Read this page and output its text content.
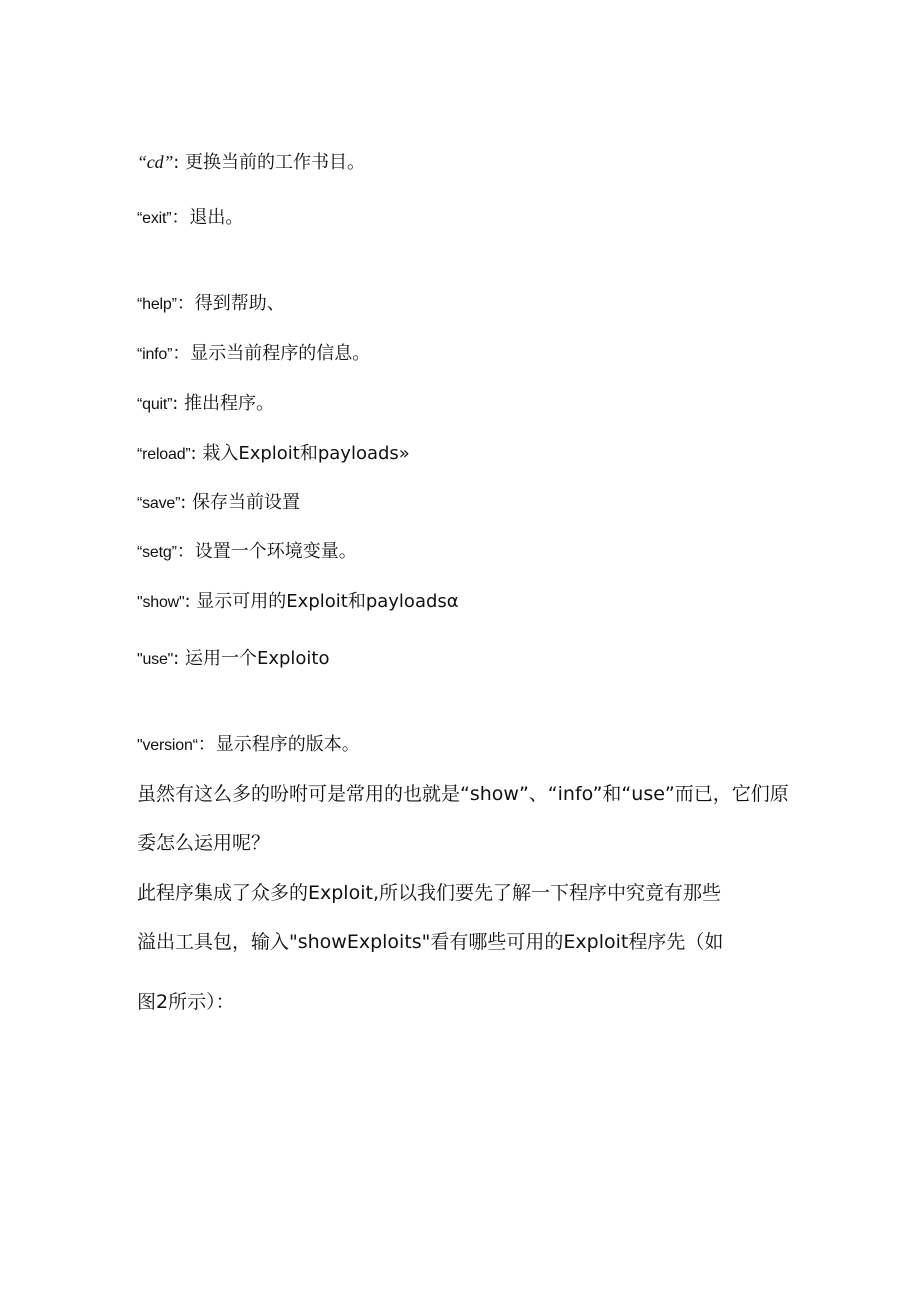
“cd”: 更换当前的工作书目。
“exit”：退出。
“help”：得到帮助、
“info”：显示当前程序的信息。
“quit”: 推出程序。
“reload”: 栽入Exploit和payloads»
“save”: 保存当前设置
“setg”：设置一个环境变量。
"show": 显示可用的Exploit和payloadsα
"use": 运用一个Exploito
"version“：显示程序的版本。
虽然有这么多的吩咐可是常用的也就是“show”、“info”和“use”而已，它们原
委怎么运用呢？
此程序集成了众多的Exploit,所以我们要先了解一下程序中究竟有那些
溢出工具包，输入"showExploits"看有哪些可用的Exploit程序先（如
图2所示）：
